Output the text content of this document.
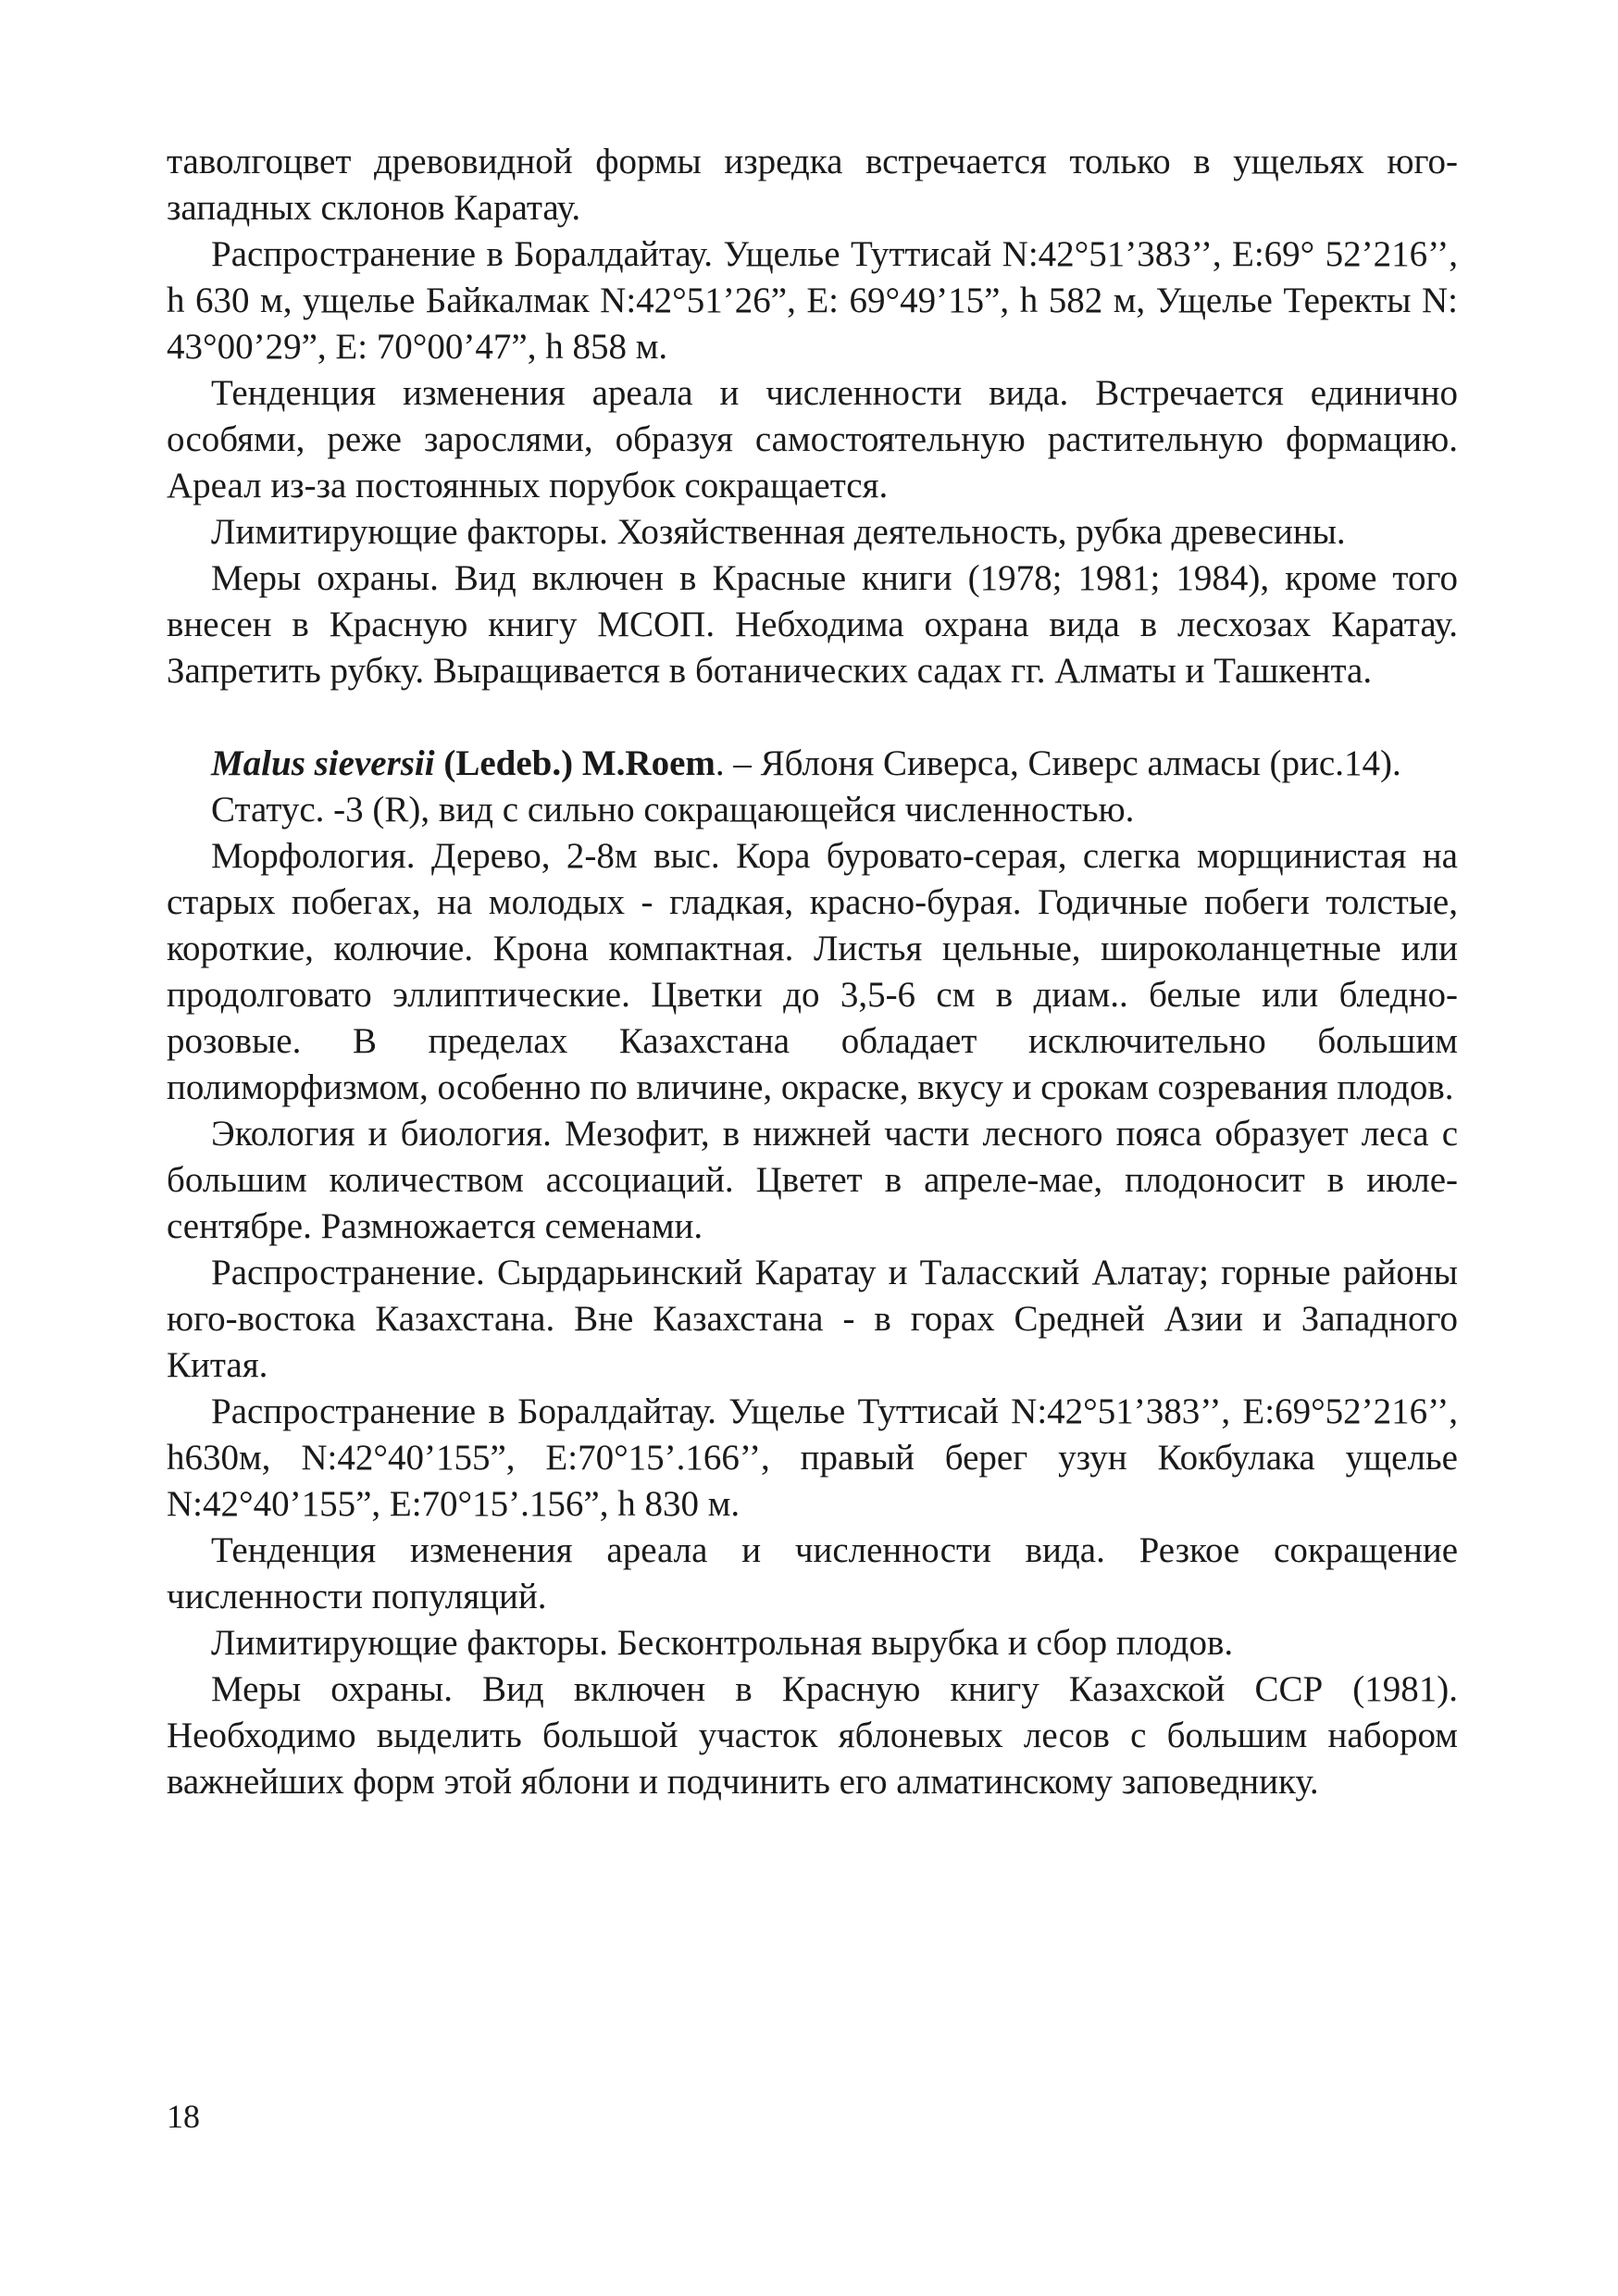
таволгоцвет древовидной формы изредка встречается только в ущельях юго-западных склонов Каратау.

Распространение в Боралдайтау. Ущелье Туттисай N:42°51’383’’, E:69° 52’216’’, h 630 м, ущелье Байкалмак N:42°51’26”, E: 69°49’15”, h 582 м, Ущелье Теректы N: 43°00’29”, E: 70°00’47”, h 858 м.

Тенденция изменения ареала и численности вида. Встречается единично особями, реже зарослями, образуя самостоятельную растительную формацию. Ареал из-за постоянных порубок сокращается.

Лимитирующие факторы. Хозяйственная деятельность, рубка древесины.

Меры охраны. Вид включен в Красные книги (1978; 1981; 1984), кроме того внесен в Красную книгу МСОП. Небходима охрана вида в лесхозах Каратау. Запретить рубку. Выращивается в ботанических садах гг. Алматы и Ташкента.

Malus sieversii (Ledeb.) M.Roem. – Яблоня Сиверса, Сиверс алмасы (рис.14).

Статус. -3 (R), вид с сильно сокращающейся численностью.

Морфология. Дерево, 2-8м выс. Кора буровато-серая, слегка морщинистая на старых побегах, на молодых - гладкая, красно-бурая. Годичные побеги толстые, короткие, колючие. Крона компактная. Листья цельные, широколанцетные или продолговато эллиптические. Цветки до 3,5-6 см в диам.. белые или бледно-розовые. В пределах Казахстана обладает исключительно большим полиморфизмом, особенно по вличине, окраске, вкусу и срокам созревания плодов.

Экология и биология. Мезофит, в нижней части лесного пояса образует леса с большим количеством ассоциаций. Цветет в апреле-мае, плодоносит в июле-сентябре. Размножается семенами.

Распространение. Сырдарьинский Каратау и Таласский Алатау; горные районы юго-востока Казахстана. Вне Казахстана - в горах Средней Азии и Западного Китая.

Распространение в Боралдайтау. Ущелье Туттисай N:42°51’383’’, E:69°52’216’’, h630м, N:42°40’155”, E:70°15’.166’’, правый берег узун Кокбулака ущелье N:42°40’155”, E:70°15’.156”, h 830 м.

Тенденция изменения ареала и численности вида. Резкое сокращение численности популяций.

Лимитирующие факторы. Бесконтрольная вырубка и сбор плодов.

Меры охраны. Вид включен в Красную книгу Казахской ССР (1981). Необходимо выделить большой участок яблоневых лесов с большим набором важнейших форм этой яблони и подчинить его алматинскому заповеднику.

18
